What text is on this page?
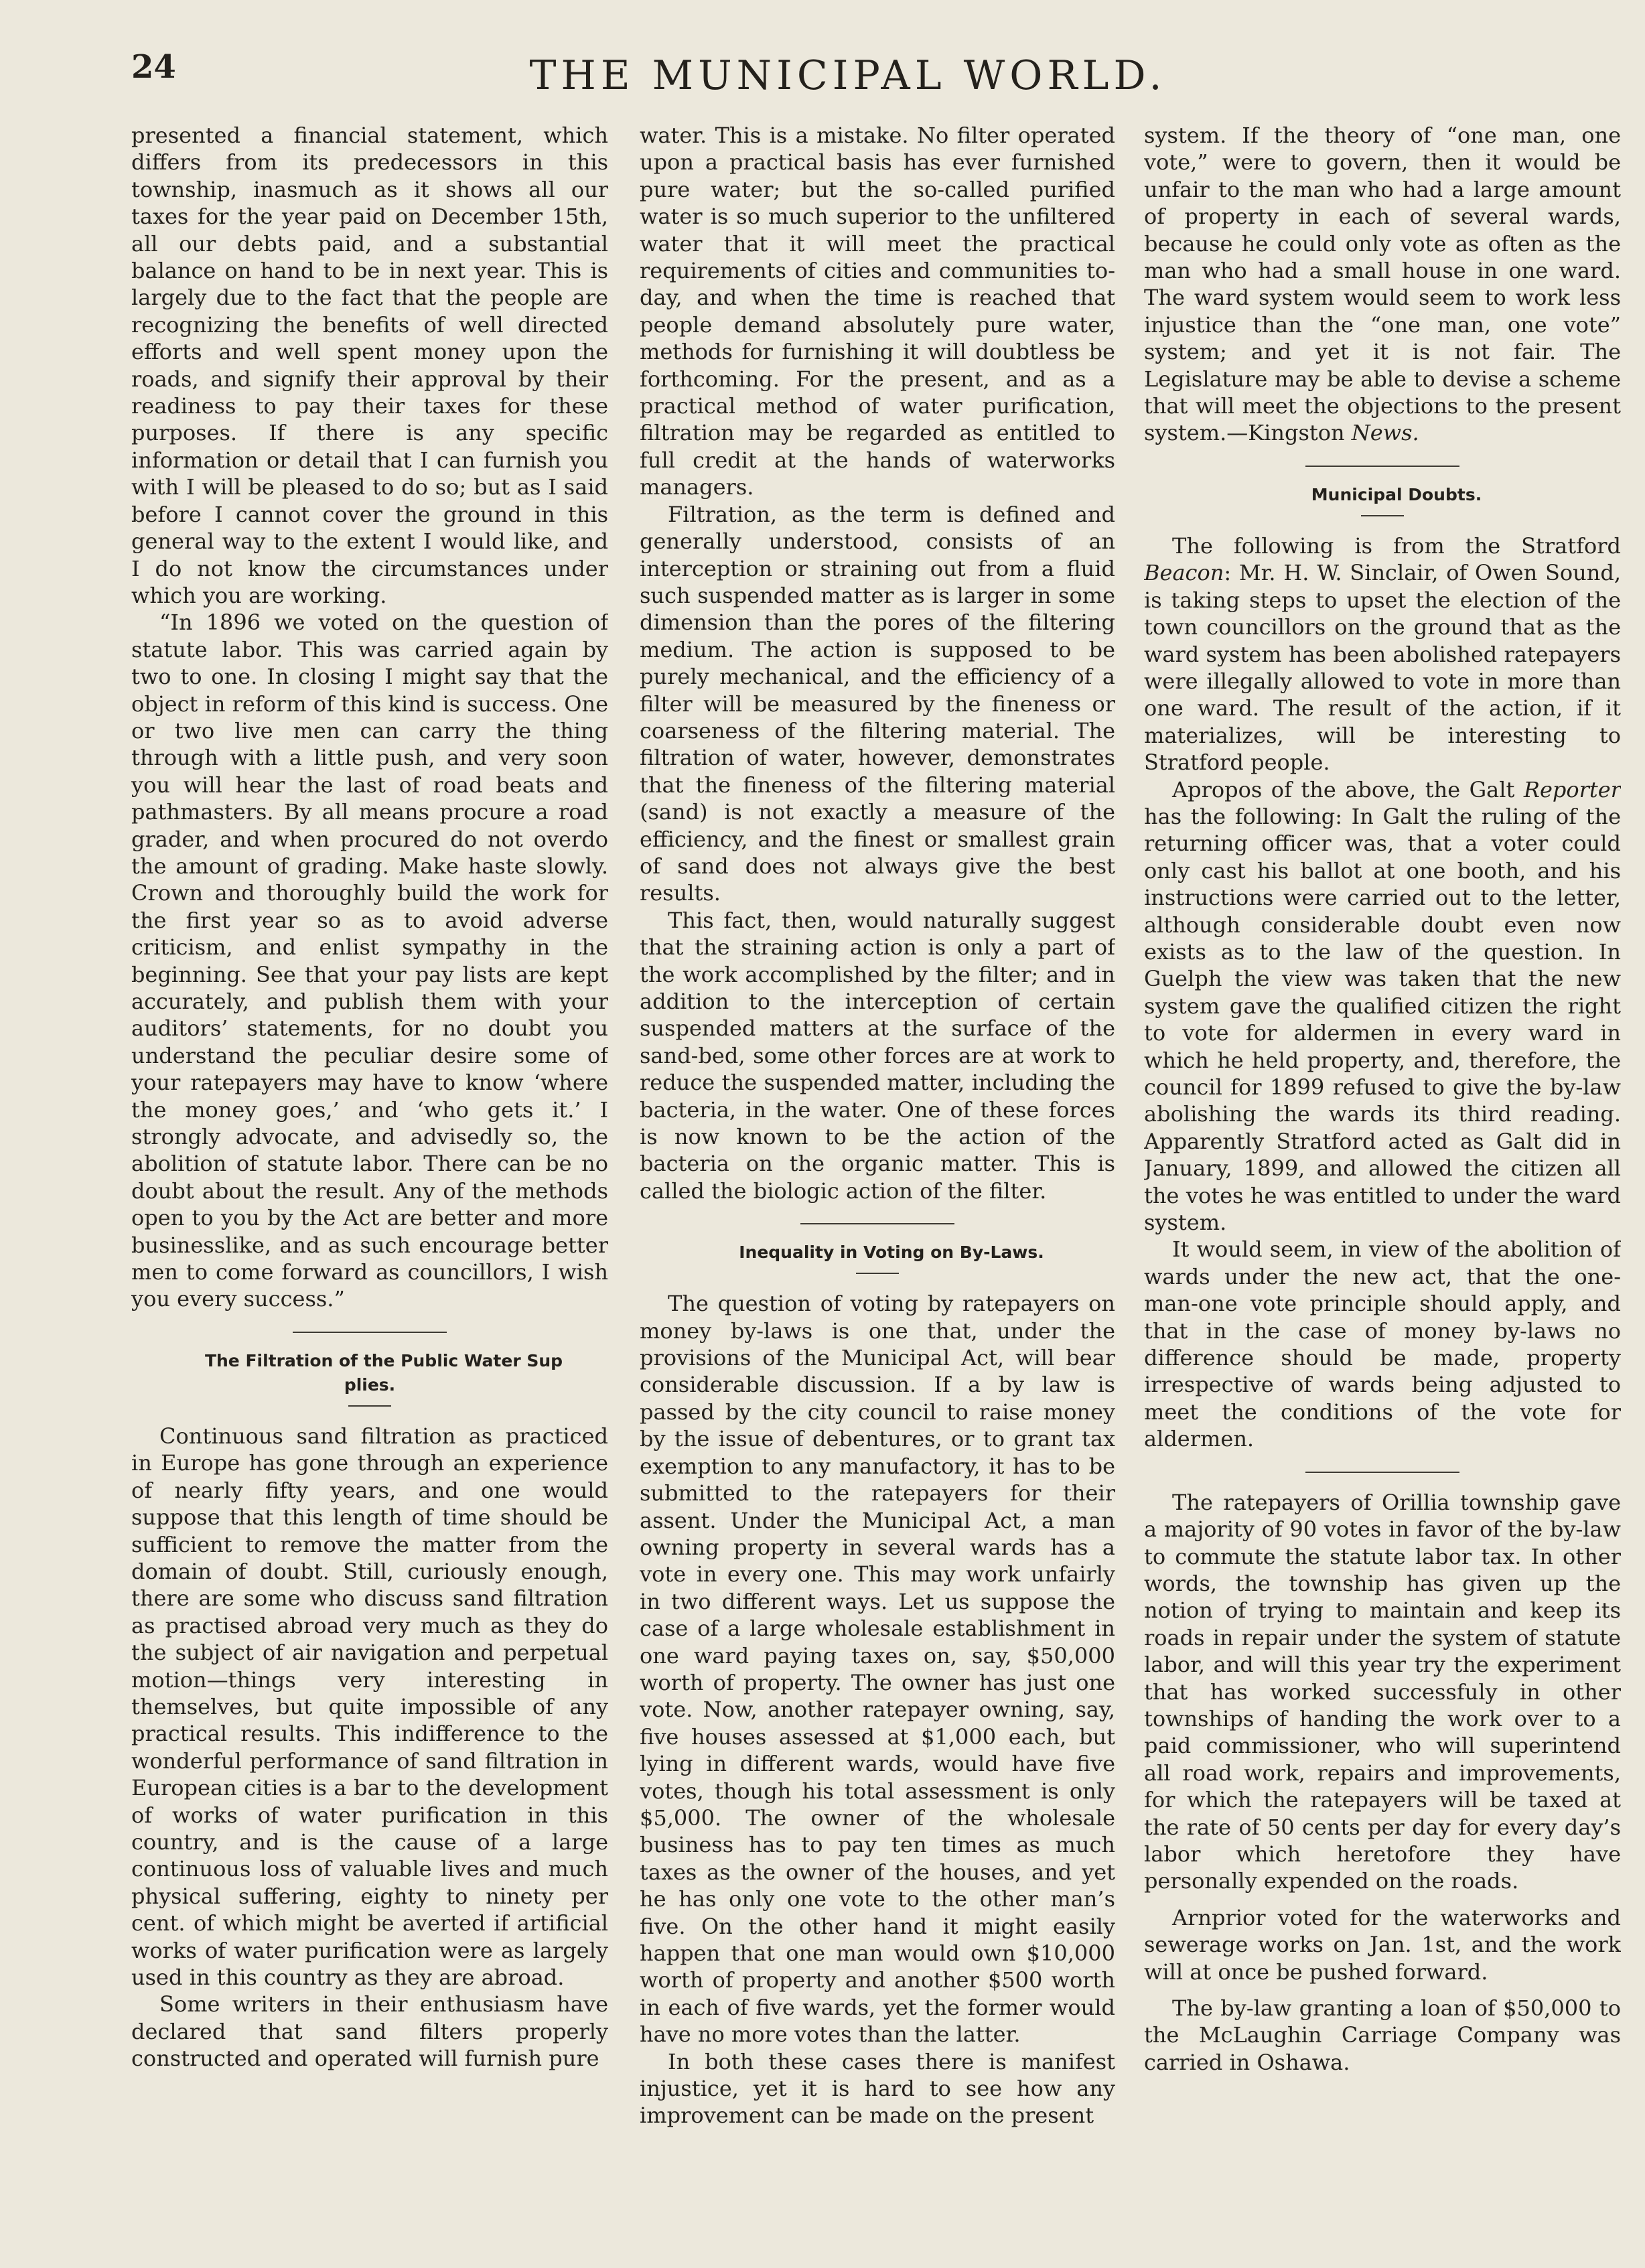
24	THE MUNICIPAL WORLD.

presented a financial statement, which differs from its predecessors in this township, inasmuch as it shows all our taxes for the year paid on December 15th, all our debts paid, and a substantial balance on hand to be in next year. This is largely due to the fact that the people are recognizing the benefits of well directed efforts and well spent money upon the roads, and signify their approval by their readiness to pay their taxes for these purposes. If there is any specific information or detail that I can furnish you with I will be pleased to do so; but as I said before I cannot cover the ground in this general way to the extent I would like, and I do not know the circumstances under which you are working.

“In 1896 we voted on the question of statute labor. This was carried again by two to one. In closing I might say that the object in reform of this kind is success. One or two live men can carry the thing through with a little push, and very soon you will hear the last of road beats and pathmasters. By all means procure a road grader, and when procured do not overdo the amount of grading. Make haste slowly. Crown and thoroughly build the work for the first year so as to avoid adverse criticism, and enlist sympathy in the beginning. See that your pay lists are kept accurately, and publish them with your auditors’ statements, for no doubt you understand the peculiar desire some of your ratepayers may have to know ‘where the money goes,’ and ‘who gets it.’ I strongly advocate, and advisedly so, the abolition of statute labor. There can be no doubt about the result. Any of the methods open to you by the Act are better and more businesslike, and as such encourage better men to come forward as councillors, I wish you every success.”

The Filtration of the Public Water Sup
plies.

Continuous sand filtration as practiced in Europe has gone through an experience of nearly fifty years, and one would suppose that this length of time should be sufficient to remove the matter from the domain of doubt. Still, curiously enough, there are some who discuss sand filtration as practised abroad very much as they do the subject of air navigation and perpetual motion—things very interesting in themselves, but quite impossible of any practical results. This indifference to the wonderful performance of sand filtration in European cities is a bar to the development of works of water purification in this country, and is the cause of a large continuous loss of valuable lives and much physical suffering, eighty to ninety per cent. of which might be averted if artificial works of water purification were as largely used in this country as they are abroad.

Some writers in their enthusiasm have declared that sand filters properly constructed and operated will furnish pure

water. This is a mistake. No filter operated upon a practical basis has ever furnished pure water; but the so-called purified water is so much superior to the unfiltered water that it will meet the practical requirements of cities and communities to-day, and when the time is reached that people demand absolutely pure water, methods for furnishing it will doubtless be forthcoming. For the present, and as a practical method of water purification, filtration may be regarded as entitled to full credit at the hands of waterworks managers.

Filtration, as the term is defined and generally understood, consists of an interception or straining out from a fluid such suspended matter as is larger in some dimension than the pores of the filtering medium. The action is supposed to be purely mechanical, and the efficiency of a filter will be measured by the fineness or coarseness of the filtering material. The filtration of water, however, demonstrates that the fineness of the filtering material (sand) is not exactly a measure of the efficiency, and the finest or smallest grain of sand does not always give the best results.

This fact, then, would naturally suggest that the straining action is only a part of the work accomplished by the filter; and in addition to the interception of certain suspended matters at the surface of the sand-bed, some other forces are at work to reduce the suspended matter, including the bacteria, in the water. One of these forces is now known to be the action of the bacteria on the organic matter. This is called the biologic action of the filter.

Inequality in Voting on By-Laws.

The question of voting by ratepayers on money by-laws is one that, under the provisions of the Municipal Act, will bear considerable discussion. If a by law is passed by the city council to raise money by the issue of debentures, or to grant tax exemption to any manufactory, it has to be submitted to the ratepayers for their assent. Under the Municipal Act, a man owning property in several wards has a vote in every one. This may work unfairly in two different ways. Let us suppose the case of a large wholesale establishment in one ward paying taxes on, say, $50,000 worth of property. The owner has just one vote. Now, another ratepayer owning, say, five houses assessed at $1,000 each, but lying in different wards, would have five votes, though his total assessment is only $5,000. The owner of the wholesale business has to pay ten times as much taxes as the owner of the houses, and yet he has only one vote to the other man’s five. On the other hand it might easily happen that one man would own $10,000 worth of property and another $500 worth in each of five wards, yet the former would have no more votes than the latter.

In both these cases there is manifest injustice, yet it is hard to see how any improvement can be made on the present

system. If the theory of “one man, one vote,” were to govern, then it would be unfair to the man who had a large amount of property in each of several wards, because he could only vote as often as the man who had a small house in one ward. The ward system would seem to work less injustice than the “one man, one vote” system; and yet it is not fair. The Legislature may be able to devise a scheme that will meet the objections to the present system.—Kingston News.

Municipal Doubts.

The following is from the Stratford Beacon: Mr. H. W. Sinclair, of Owen Sound, is taking steps to upset the election of the town councillors on the ground that as the ward system has been abolished ratepayers were illegally allowed to vote in more than one ward. The result of the action, if it materializes, will be interesting to Stratford people.

Apropos of the above, the Galt Reporter has the following: In Galt the ruling of the returning officer was, that a voter could only cast his ballot at one booth, and his instructions were carried out to the letter, although considerable doubt even now exists as to the law of the question. In Guelph the view was taken that the new system gave the qualified citizen the right to vote for aldermen in every ward in which he held property, and, therefore, the council for 1899 refused to give the by-law abolishing the wards its third reading. Apparently Stratford acted as Galt did in January, 1899, and allowed the citizen all the votes he was entitled to under the ward system.

It would seem, in view of the abolition of wards under the new act, that the one-man-one vote principle should apply, and that in the case of money by-laws no difference should be made, property irrespective of wards being adjusted to meet the conditions of the vote for aldermen.

The ratepayers of Orillia township gave a majority of 90 votes in favor of the by-law to commute the statute labor tax. In other words, the township has given up the notion of trying to maintain and keep its roads in repair under the system of statute labor, and will this year try the experiment that has worked successfuly in other townships of handing the work over to a paid commissioner, who will superintend all road work, repairs and improvements, for which the ratepayers will be taxed at the rate of 50 cents per day for every day’s labor which heretofore they have personally expended on the roads.

Arnprior voted for the waterworks and sewerage works on Jan. 1st, and the work will at once be pushed forward.

The by-law granting a loan of $50,000 to the McLaughin Carriage Company was carried in Oshawa.
